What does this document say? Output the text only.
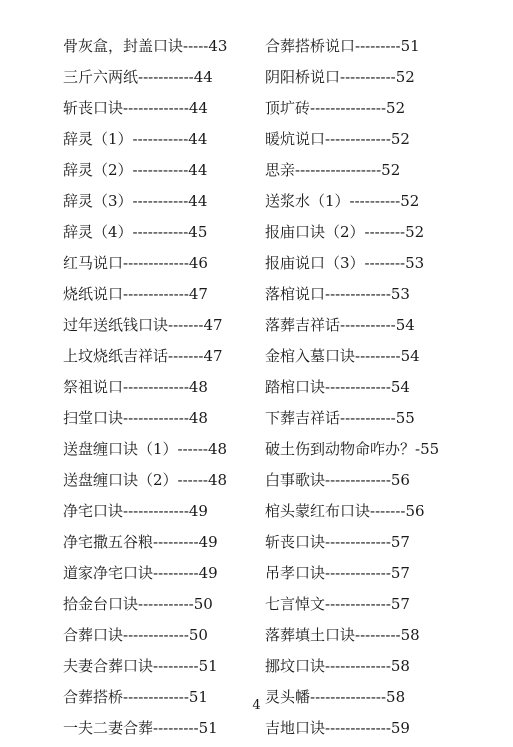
骨灰盒，封盖口诀-----43
三斤六两纸-----------44
斩丧口诀-------------44
辞灵（1）-----------44
辞灵（2）-----------44
辞灵（3）-----------44
辞灵（4）-----------45
红马说口-------------46
烧纸说口-------------47
过年送纸钱口诀-------47
上坟烧纸吉祥话-------47
祭祖说口-------------48
扫堂口诀-------------48
送盘缠口诀（1）------48
送盘缠口诀（2）------48
净宅口诀-------------49
净宅撒五谷粮---------49
道家净宅口诀---------49
拾金台口诀-----------50
合葬口诀-------------50
夫妻合葬口诀---------51
合葬搭桥-------------51
一夫二妻合葬---------51
合葬搭桥说口---------51
阴阳桥说口-----------52
顶圹砖---------------52
暖炕说口-------------52
思亲-----------------52
送浆水（1）----------52
报庙口诀（2）--------52
报庙说口（3）--------53
落棺说口-------------53
落葬吉祥话-----------54
金棺入墓口诀---------54
踏棺口诀-------------54
下葬吉祥话-----------55
破土伤到动物命咋办？-55
白事歌诀-------------56
棺头蒙红布口诀-------56
斩丧口诀-------------57
吊孝口诀-------------57
七言悼文-------------57
落葬填土口诀---------58
挪坟口诀-------------58
灵头幡---------------58
吉地口诀-------------59
4
